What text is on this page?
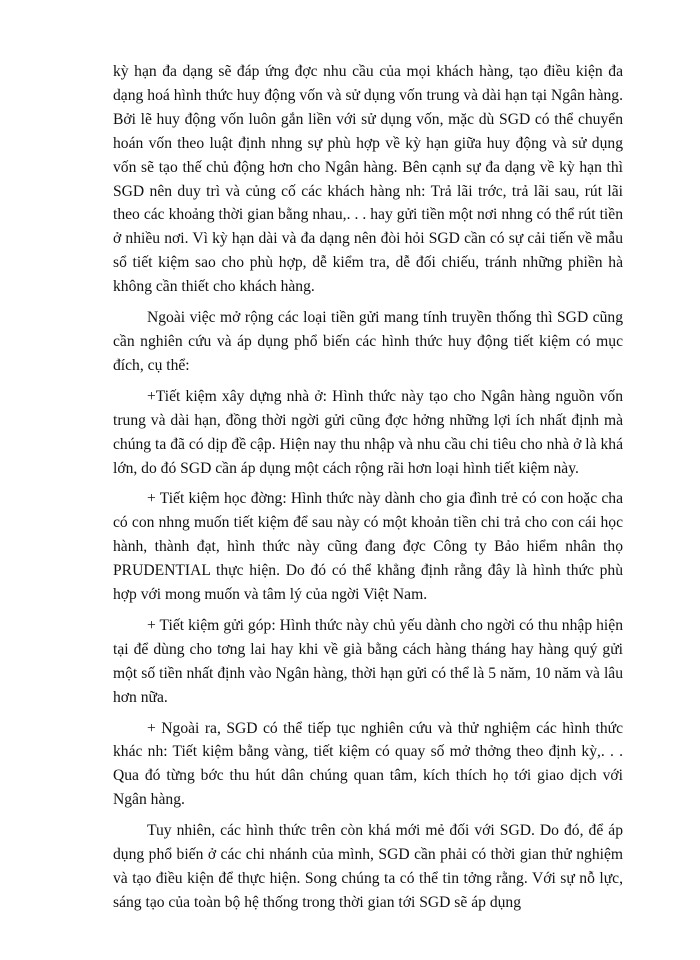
kỳ hạn đa dạng sẽ đáp ứng đợc nhu cầu của mọi khách hàng, tạo điều kiện đa dạng hoá hình thức huy động vốn và sử dụng vốn trung và dài hạn tại Ngân hàng. Bởi lẽ huy động vốn luôn gắn liền với sử dụng vốn, mặc dù SGD có thể chuyển hoán vốn theo luật định nhng sự phù hợp về kỳ hạn giữa huy động và sử dụng vốn sẽ tạo thế chủ động hơn cho Ngân hàng. Bên cạnh sự đa dạng về kỳ hạn thì SGD nên duy trì và củng cố các khách hàng nh: Trả lãi trớc, trả lãi sau, rút lãi theo các khoảng thời gian bằng nhau,. . . hay gửi tiền một nơi nhng có thể rút tiền ở nhiều nơi. Vì kỳ hạn dài và đa dạng nên đòi hỏi SGD cần có sự cải tiến về mẫu sổ tiết kiệm sao cho phù hợp, dễ kiểm tra, dễ đối chiếu, tránh những phiền hà không cần thiết cho khách hàng.

Ngoài việc mở rộng các loại tiền gửi mang tính truyền thống thì SGD cũng cần nghiên cứu và áp dụng phổ biến các hình thức huy động tiết kiệm có mục đích, cụ thể:

+Tiết kiệm xây dựng nhà ở: Hình thức này tạo cho Ngân hàng nguồn vốn trung và dài hạn, đồng thời ngời gửi cũng đợc hởng những lợi ích nhất định mà chúng ta đã có dịp đề cập. Hiện nay thu nhập và nhu cầu chi tiêu cho nhà ở là khá lớn, do đó SGD cần áp dụng một cách rộng rãi hơn loại hình tiết kiệm này.

+ Tiết kiệm học đờng: Hình thức này dành cho gia đình trẻ có con hoặc cha có con nhng muốn tiết kiệm để sau này có một khoản tiền chi trả cho con cái học hành, thành đạt, hình thức này cũng đang đợc Công ty Bảo hiểm nhân thọ PRUDENTIAL thực hiện. Do đó có thể khẳng định rằng đây là hình thức phù hợp với mong muốn và tâm lý của ngời Việt Nam.

+ Tiết kiệm gửi góp: Hình thức này chủ yếu dành cho ngời có thu nhập hiện tại để dùng cho tơng lai hay khi về già bằng cách hàng tháng hay hàng quý gửi một số tiền nhất định vào Ngân hàng, thời hạn gửi có thể là 5 năm, 10 năm và lâu hơn nữa.

+ Ngoài ra, SGD có thể tiếp tục nghiên cứu và thử nghiệm các hình thức khác nh: Tiết kiệm bằng vàng, tiết kiệm có quay số mở thởng theo định kỳ,. . . Qua đó từng bớc thu hút dân chúng quan tâm, kích thích họ tới giao dịch với Ngân hàng.

Tuy nhiên, các hình thức trên còn khá mới mẻ đối với SGD. Do đó, để áp dụng phổ biến ở các chi nhánh của mình, SGD cần phải có thời gian thử nghiệm và tạo điều kiện để thực hiện. Song chúng ta có thể tin tởng rằng. Với sự nỗ lực, sáng tạo của toàn bộ hệ thống trong thời gian tới SGD sẽ áp dụng
